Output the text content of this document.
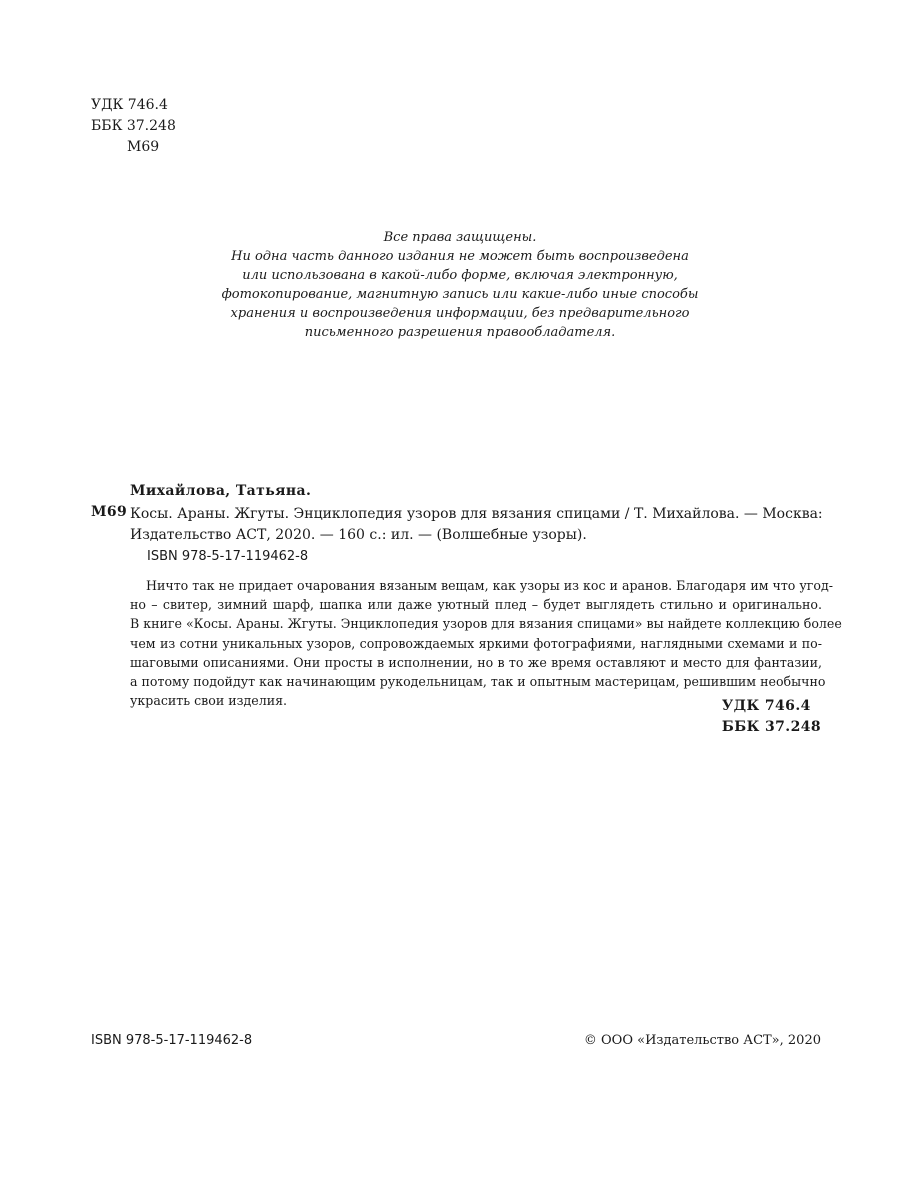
УДК 746.4
ББК 37.248
М69
Все права защищены.
Ни одна часть данного издания не может быть воспроизведена
или использована в какой-либо форме, включая электронную,
фотокопирование, магнитную запись или какие-либо иные способы
хранения и воспроизведения информации, без предварительного
письменного разрешения правообладателя.
Михайлова, Татьяна.
М69 Косы. Араны. Жгуты. Энциклопедия узоров для вязания спицами / Т. Михайлова. — Москва:
Издательство АСТ, 2020. — 160 с.: ил. — (Волшебные узоры).
ISBN 978-5-17-119462-8
Ничто так не придает очарования вязаным вещам, как узоры из кос и аранов. Благодаря им что угод-
но – свитер, зимний шарф, шапка или даже уютный плед – будет выглядеть стильно и оригинально.
В книге «Косы. Араны. Жгуты. Энциклопедия узоров для вязания спицами» вы найдете коллекцию более
чем из сотни уникальных узоров, сопровождаемых яркими фотографиями, наглядными схемами и по-
шаговыми описаниями. Они просты в исполнении, но в то же время оставляют и место для фантазии,
а потому подойдут как начинающим рукодельницам, так и опытным мастерицам, решившим необычно
украсить свои изделия.	УДК 746.4
ББК 37.248
ISBN 978-5-17-119462-8	© ООО «Издательство АСТ», 2020
